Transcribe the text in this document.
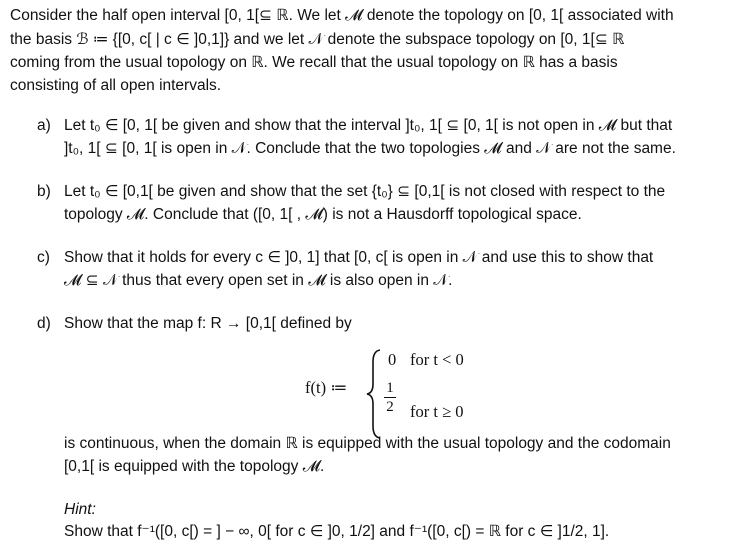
Consider the half open interval [0, 1[⊆ ℝ. We let 𝓜 denote the topology on [0, 1[ associated with
the basis ℬ ≔ {[0, c[ | c ∈ ]0,1]} and we let 𝒩 denote the subspace topology on [0, 1[⊆ ℝ
coming from the usual topology on ℝ. We recall that the usual topology on ℝ has a basis
consisting of all open intervals.
a) Let t₀ ∈ [0, 1[ be given and show that the interval ]t₀, 1[ ⊆ [0, 1[ is not open in 𝓜 but that
]t₀, 1[ ⊆ [0, 1[ is open in 𝒩. Conclude that the two topologies 𝓜 and 𝒩 are not the same.
b) Let t₀ ∈ [0,1[ be given and show that the set {t₀} ⊆ [0,1[ is not closed with respect to the
topology 𝓜. Conclude that ([0, 1[ , 𝓜) is not a Hausdorff topological space.
c) Show that it holds for every c ∈ ]0, 1] that [0, c[ is open in 𝒩 and use this to show that
𝓜 ⊆ 𝒩 thus that every open set in 𝓜 is also open in 𝒩.
d) Show that the map f: R → [0,1[ defined by
f(t) ≔
0 for t < 0
1
2 for t ≥ 0
is continuous, when the domain ℝ is equipped with the usual topology and the codomain
[0,1[ is equipped with the topology 𝓜.
Hint:
Show that f⁻¹([0, c[) = ] − ∞, 0[ for c ∈ ]0, 1/2] and f⁻¹([0, c[) = ℝ for c ∈ ]1/2, 1].
